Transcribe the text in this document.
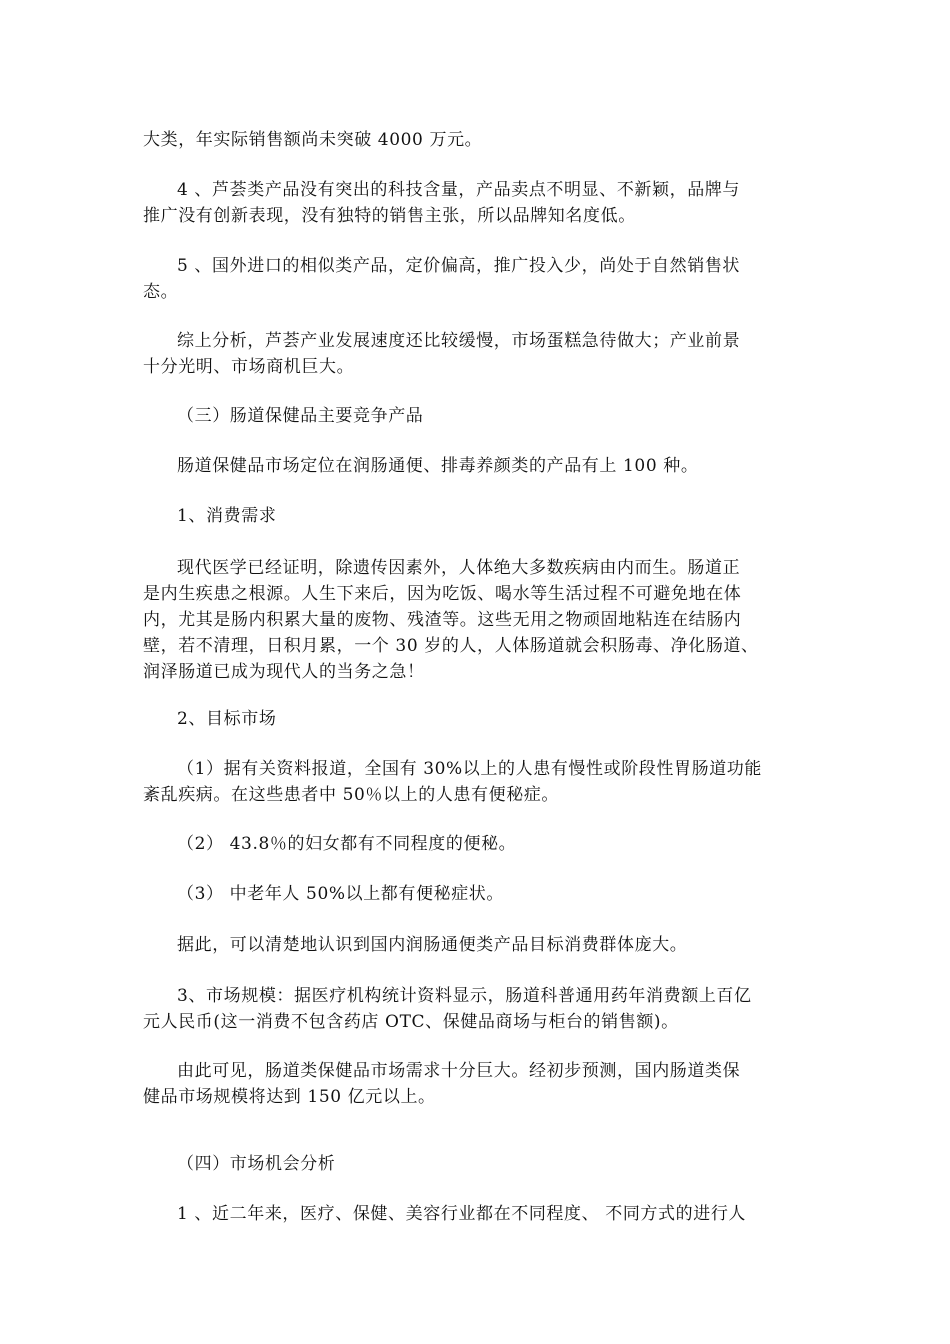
大类，年实际销售额尚未突破 4000 万元。

4 、芦荟类产品没有突出的科技含量，产品卖点不明显、不新颖，品牌与
推广没有创新表现，没有独特的销售主张，所以品牌知名度低。

5 、国外进口的相似类产品，定价偏高，推广投入少，尚处于自然销售状
态。

综上分析，芦荟产业发展速度还比较缓慢，市场蛋糕急待做大；产业前景
十分光明、市场商机巨大。

（三）肠道保健品主要竞争产品

肠道保健品市场定位在润肠通便、排毒养颜类的产品有上 100 种。

1、消费需求

现代医学已经证明，除遗传因素外，人体绝大多数疾病由内而生。肠道正
是内生疾患之根源。人生下来后，因为吃饭、喝水等生活过程不可避免地在体
内，尤其是肠内积累大量的废物、残渣等。这些无用之物顽固地粘连在结肠内
壁，若不清理，日积月累，一个 30 岁的人，人体肠道就会积肠毒、净化肠道、
润泽肠道已成为现代人的当务之急！

2、目标市场

（1）据有关资料报道，全国有 30%以上的人患有慢性或阶段性胃肠道功能
紊乱疾病。在这些患者中 50％以上的人患有便秘症。

（2） 43.8％的妇女都有不同程度的便秘。

（3） 中老年人 50%以上都有便秘症状。

据此，可以清楚地认识到国内润肠通便类产品目标消费群体庞大。

3、市场规模：据医疗机构统计资料显示，肠道科普通用药年消费额上百亿
元人民币(这一消费不包含药店 OTC、保健品商场与柜台的销售额)。

由此可见，肠道类保健品市场需求十分巨大。经初步预测，国内肠道类保
健品市场规模将达到 150 亿元以上。

（四）市场机会分析

1 、近二年来，医疗、保健、美容行业都在不同程度、 不同方式的进行人
